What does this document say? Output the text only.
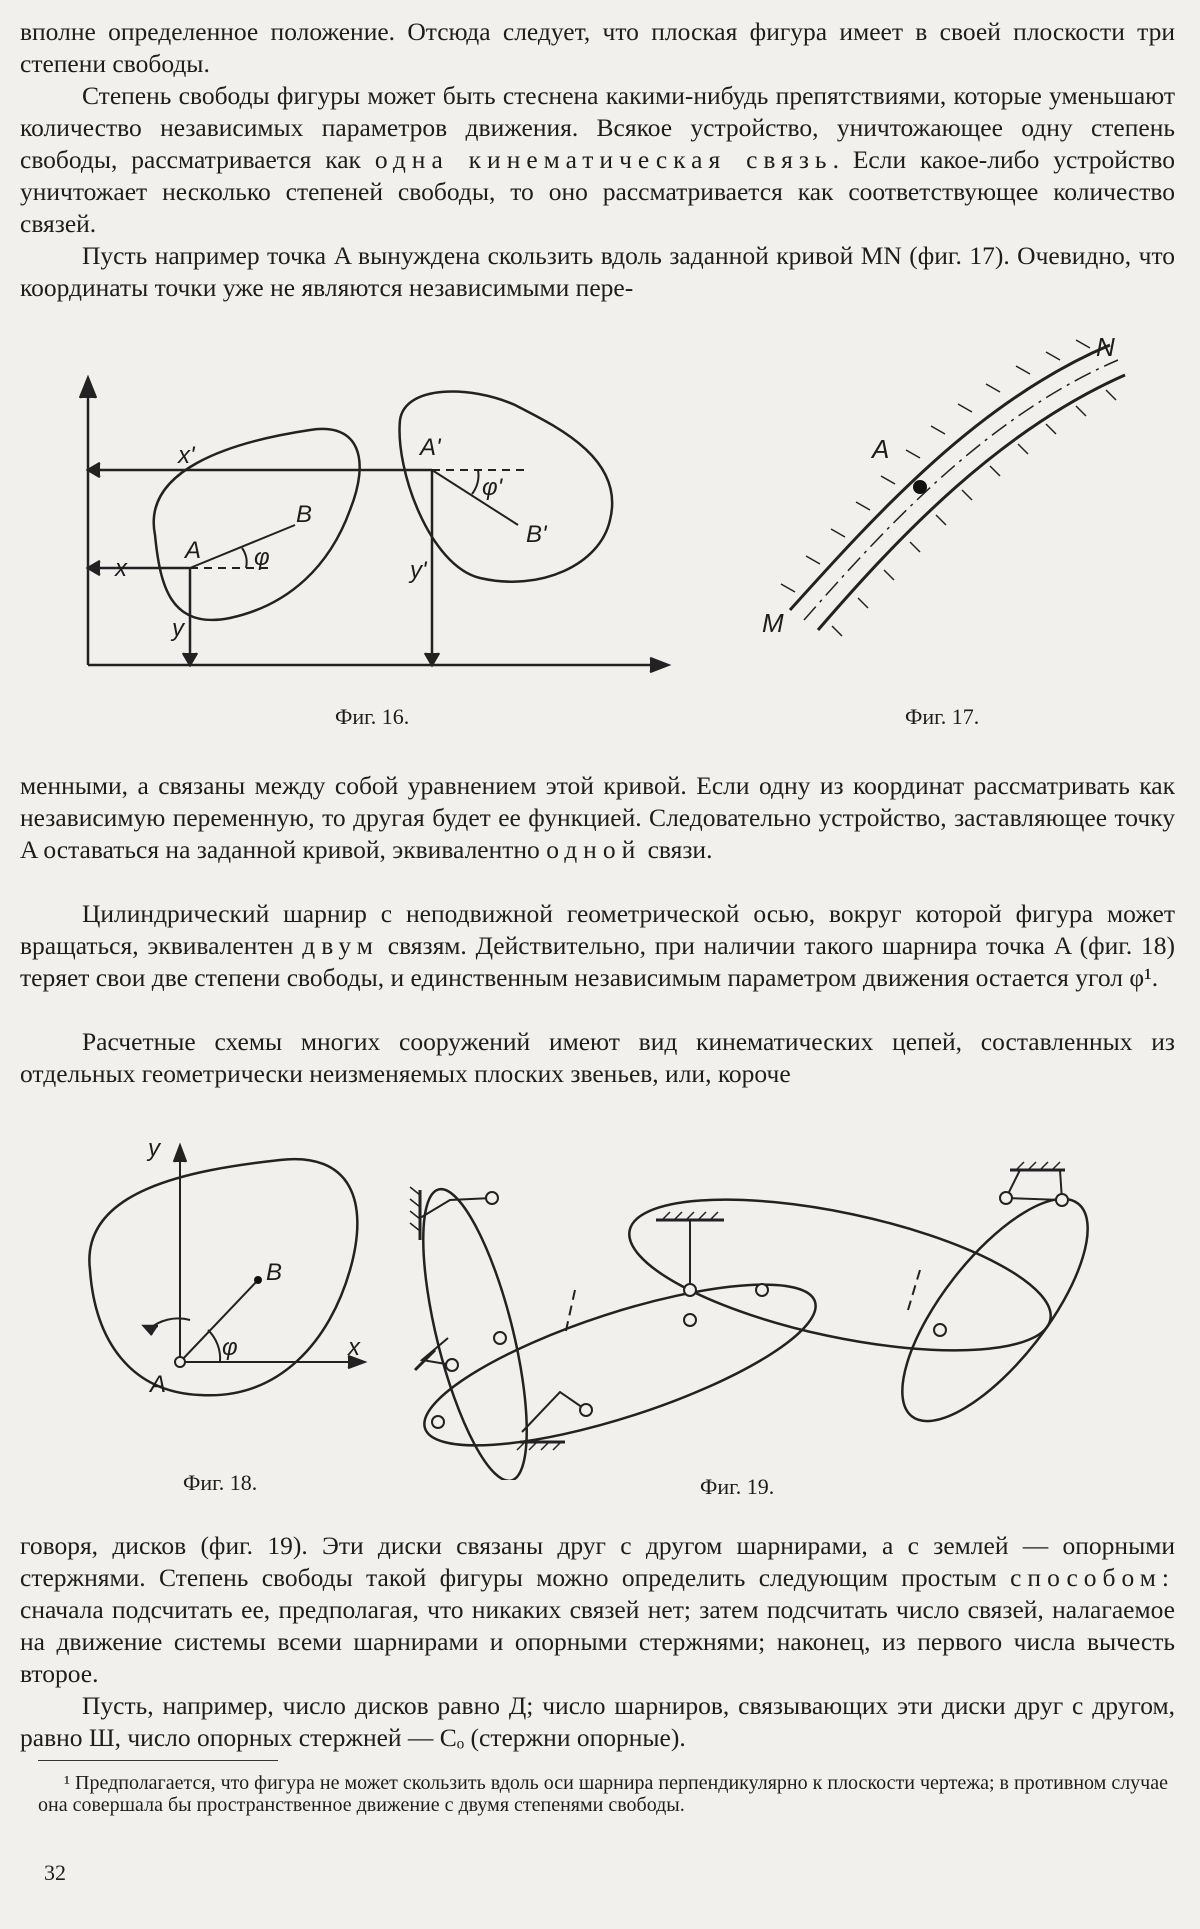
вполне определенное положение. Отсюда следует, что плоская фигура имеет в своей плоскости три степени свободы.

Степень свободы фигуры может быть стеснена какими-нибудь препятствиями, которые уменьшают количество независимых параметров движения. Всякое устройство, уничтожающее одну степень свободы, рассматривается как одна кинематическая связь. Если какое-либо устройство уничтожает несколько степеней свободы, то оно рассматривается как соответствующее количество связей.

Пусть например точка A вынуждена скользить вдоль заданной кривой MN (фиг. 17). Очевидно, что координаты точки уже не являются независимыми пере-

x'	A'
φ'
B
B'
A
x	φ	y'
y
Фиг. 16.
N
A
M
Фиг. 17.

менными, а связаны между собой уравнением этой кривой. Если одну из координат рассматривать как независимую переменную, то другая будет ее функцией. Следовательно устройство, заставляющее точку A оставаться на заданной кривой, эквивалентно одной связи.

Цилиндрический шарнир с неподвижной геометрической осью, вокруг которой фигура может вращаться, эквивалентен двум связям. Действительно, при наличии такого шарнира точка A (фиг. 18) теряет свои две степени свободы, и единственным независимым параметром движения остается угол φ¹.

Расчетные схемы многих сооружений имеют вид кинематических цепей, составленных из отдельных геометрически неизменяемых плоских звеньев, или, короче

y
B
φ	x
A
Фиг. 18.	Фиг. 19.

говоря, дисков (фиг. 19). Эти диски связаны друг с другом шарнирами, а с землей — опорными стержнями. Степень свободы такой фигуры можно определить следующим простым способом: сначала подсчитать ее, предполагая, что никаких связей нет; затем подсчитать число связей, налагаемое на движение системы всеми шарнирами и опорными стержнями; наконец, из первого числа вычесть второе.

Пусть, например, число дисков равно Д; число шарниров, связывающих эти диски друг с другом, равно Ш, число опорных стержней — Cₒ (стержни опорные).

¹ Предполагается, что фигура не может скользить вдоль оси шарнира перпендикулярно к плоскости чертежа; в противном случае она совершала бы пространственное движение с двумя степенями свободы.

32
